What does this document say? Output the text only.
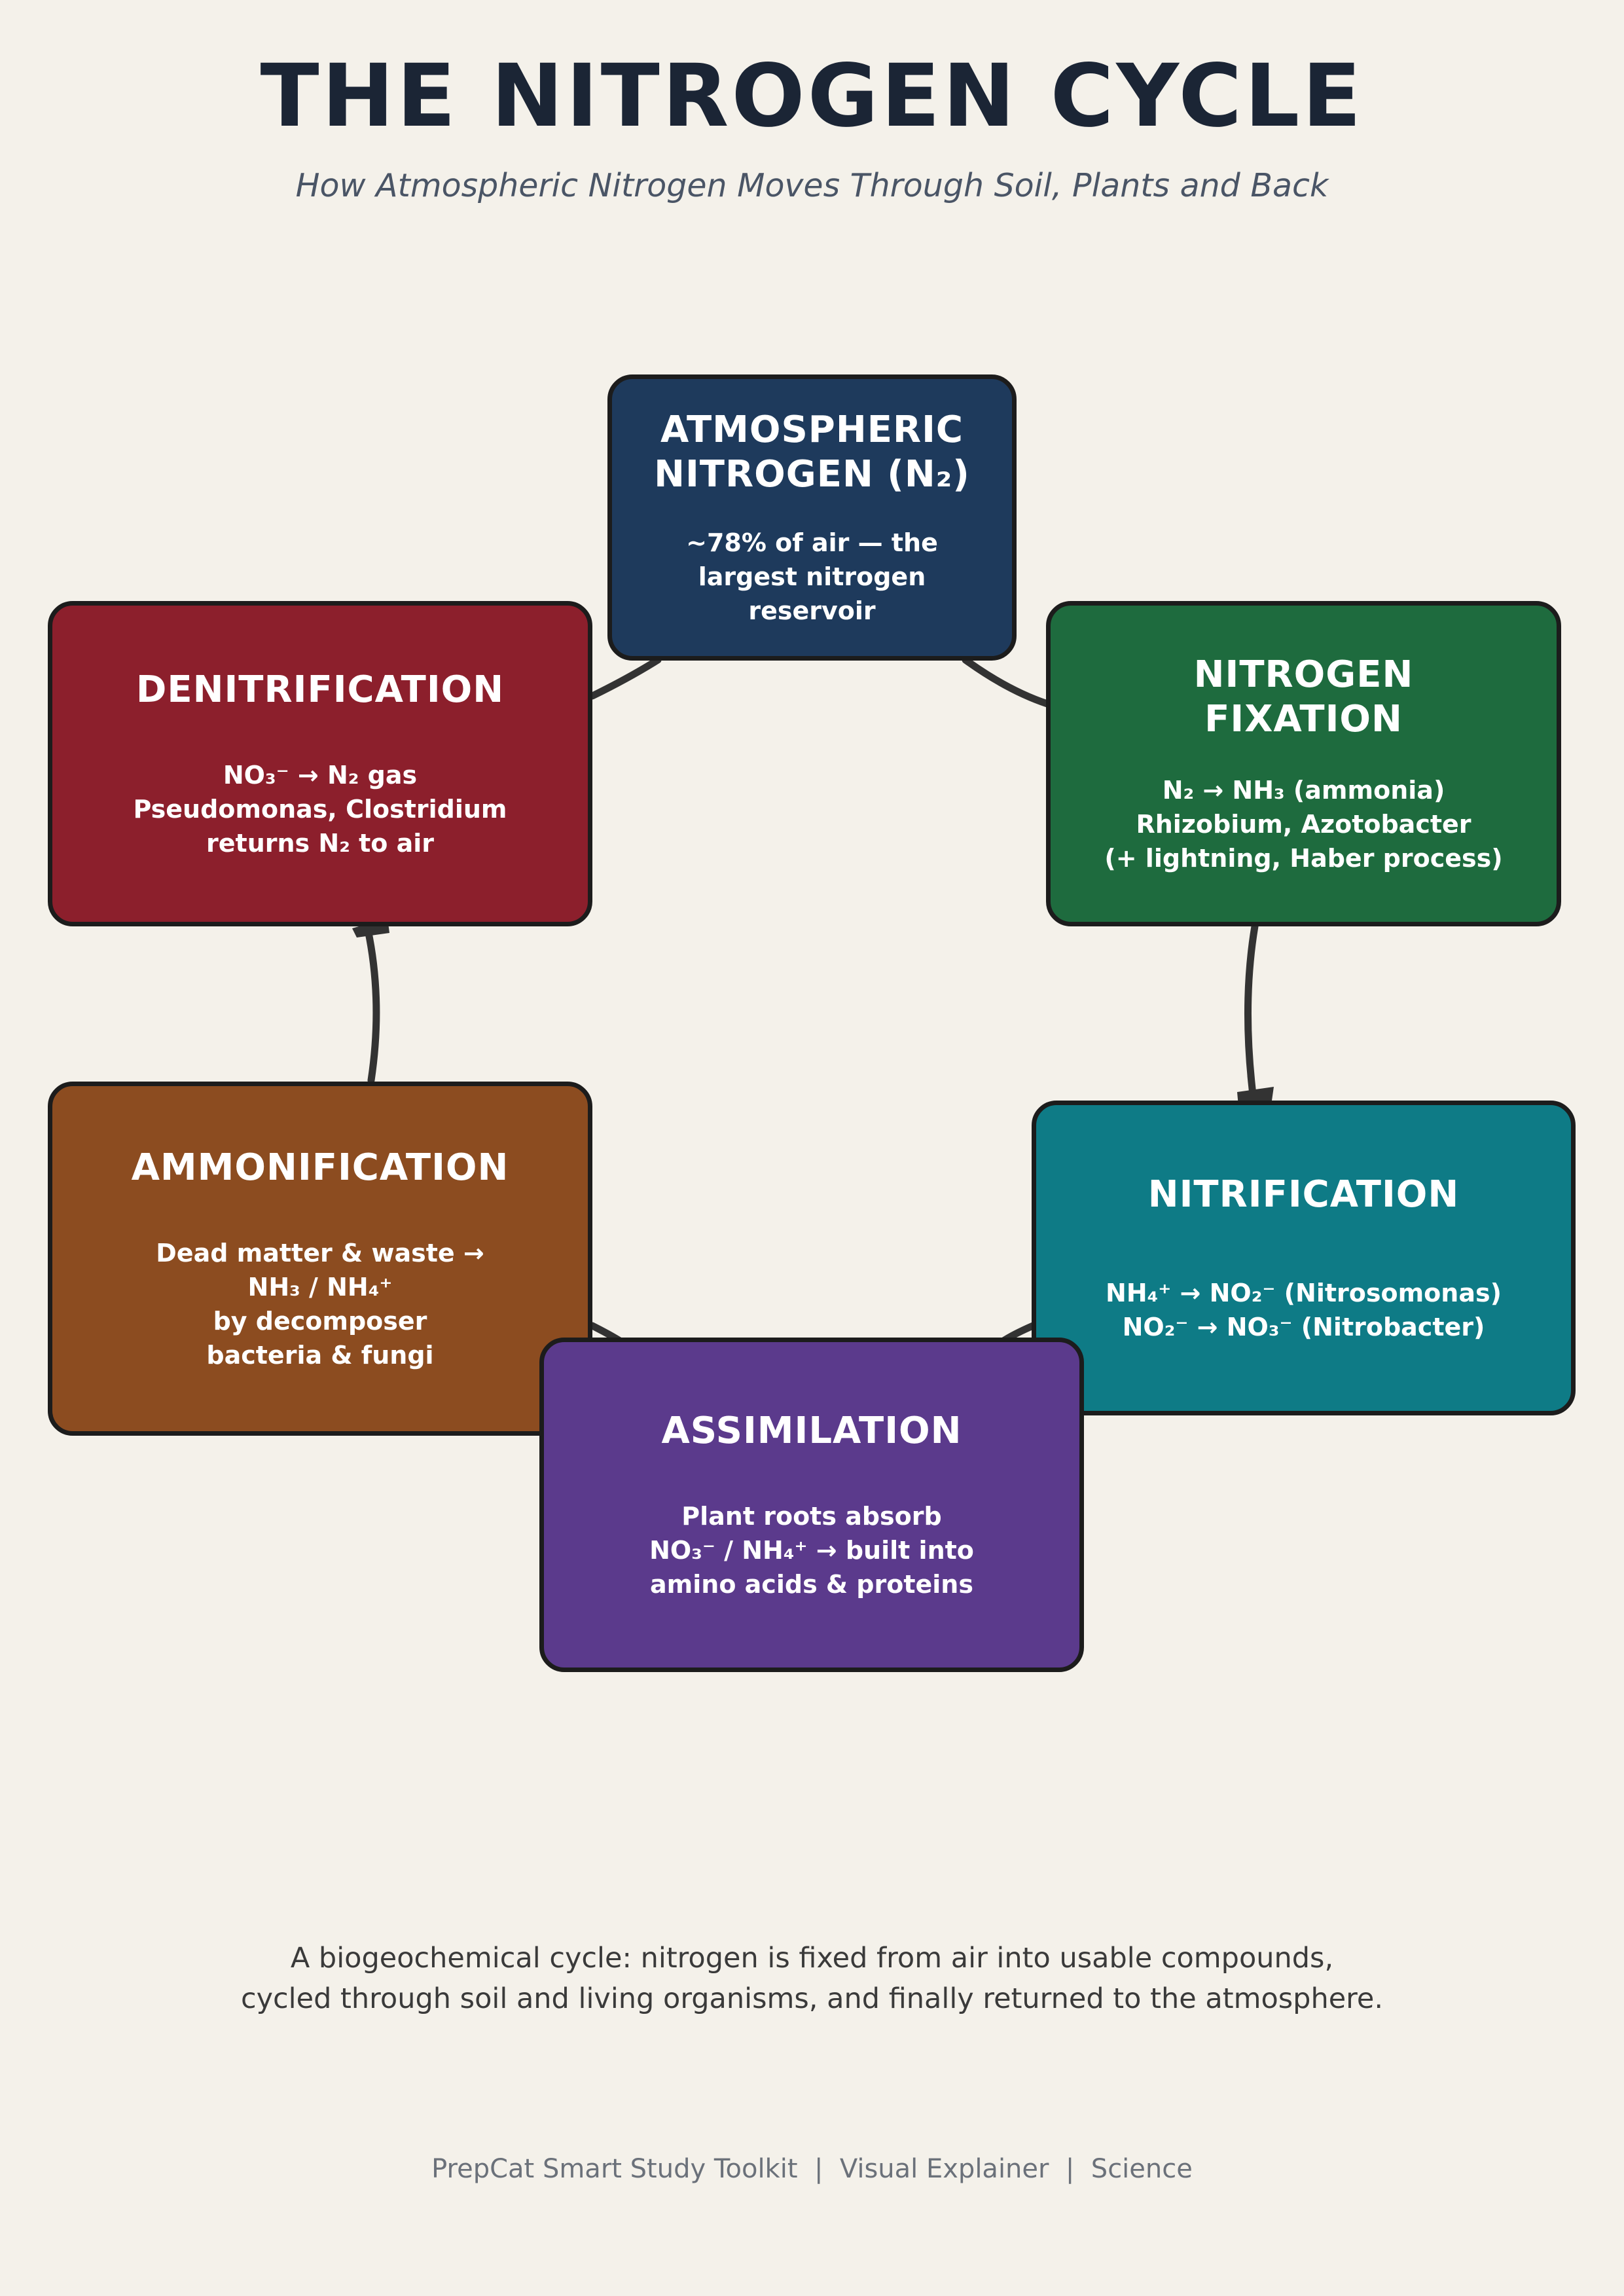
THE NITROGEN CYCLE
How Atmospheric Nitrogen Moves Through Soil, Plants and Back
ATMOSPHERIC
NITROGEN (N₂)
~78% of air — the
largest nitrogen
reservoir
NITROGEN
FIXATION
N₂ → NH₃ (ammonia)
Rhizobium, Azotobacter
(+ lightning, Haber process)
DENITRIFICATION
NO₃⁻ → N₂ gas
Pseudomonas, Clostridium
returns N₂ to air
AMMONIFICATION
Dead matter & waste →
NH₃ / NH₄⁺
by decomposer
bacteria & fungi
NITRIFICATION
NH₄⁺ → NO₂⁻ (Nitrosomonas)
NO₂⁻ → NO₃⁻ (Nitrobacter)
ASSIMILATION
Plant roots absorb
NO₃⁻ / NH₄⁺ → built into
amino acids & proteins
A biogeochemical cycle: nitrogen is fixed from air into usable compounds,
cycled through soil and living organisms, and finally returned to the atmosphere.
PrepCat Smart Study Toolkit  |  Visual Explainer  |  Science
